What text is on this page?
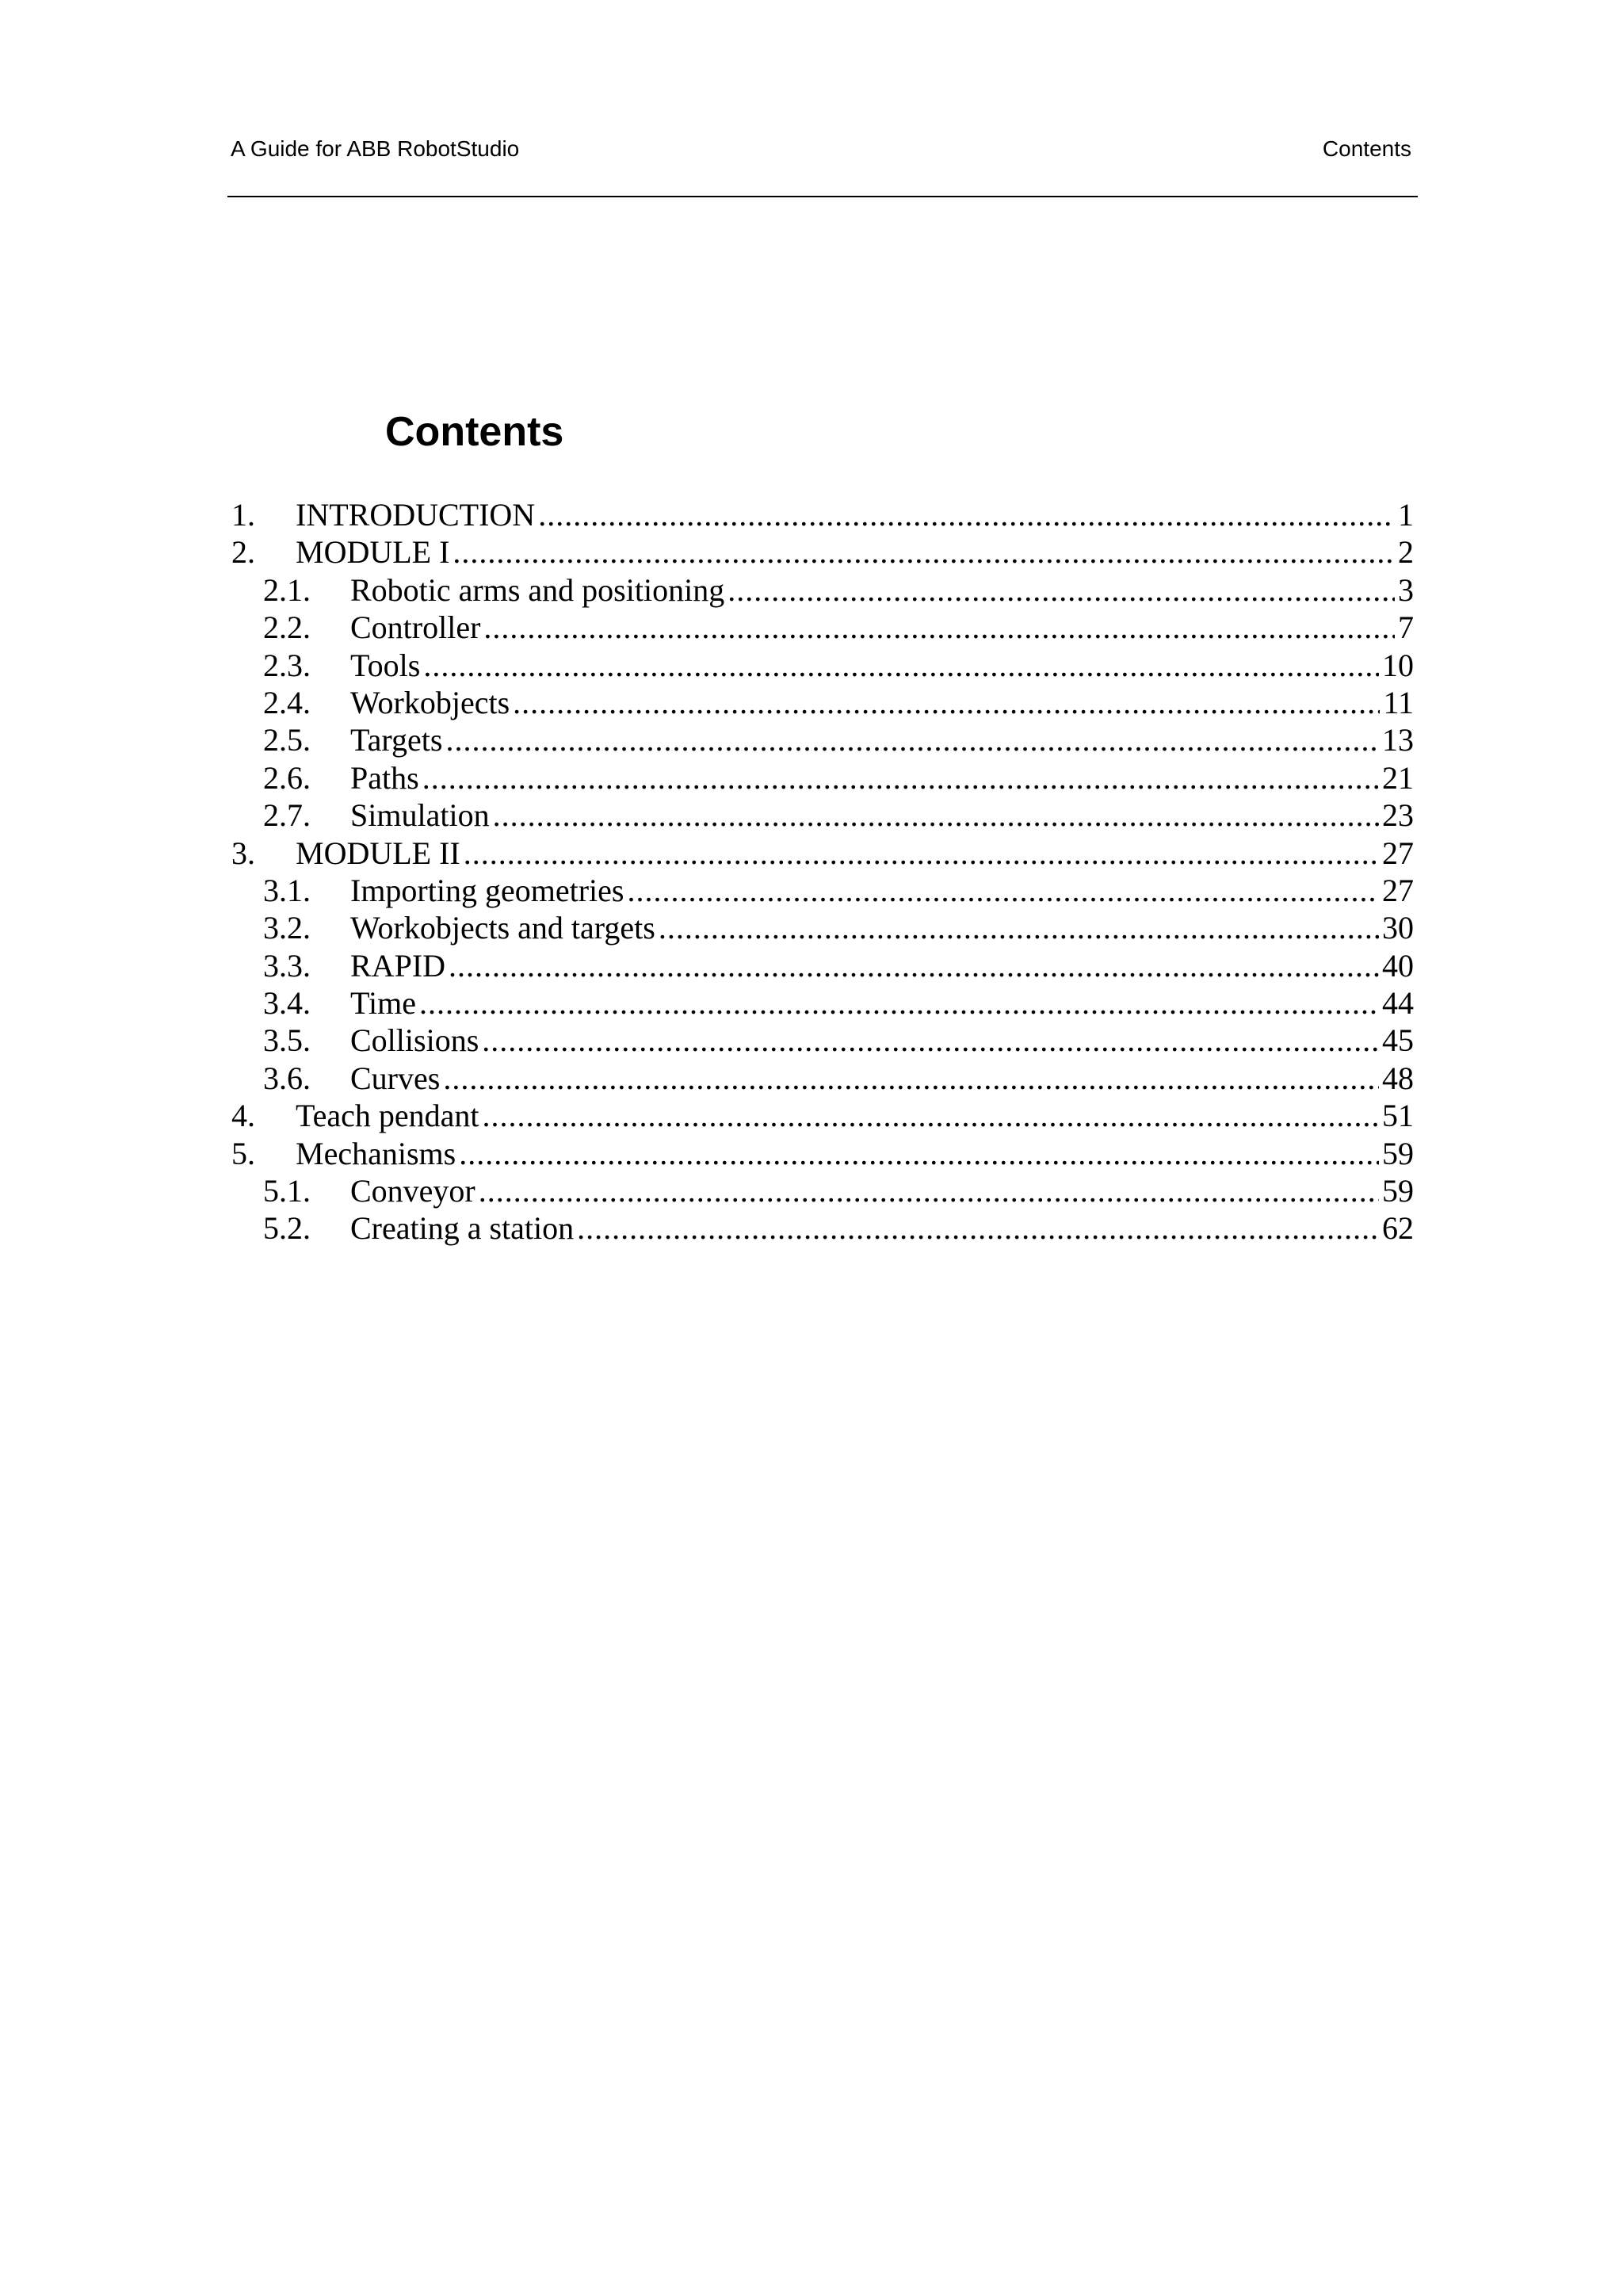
A Guide for ABB RobotStudio	Contents
Contents
1. INTRODUCTION .....	1
2. MODULE I .....	2
2.1. Robotic arms and positioning .....	3
2.2. Controller .....	7
2.3. Tools .....	10
2.4. Workobjects .....	11
2.5. Targets .....	13
2.6. Paths .....	21
2.7. Simulation .....	23
3. MODULE II .....	27
3.1. Importing geometries .....	27
3.2. Workobjects and targets .....	30
3.3. RAPID .....	40
3.4. Time .....	44
3.5. Collisions .....	45
3.6. Curves .....	48
4. Teach pendant .....	51
5. Mechanisms .....	59
5.1. Conveyor .....	59
5.2. Creating a station .....	62
